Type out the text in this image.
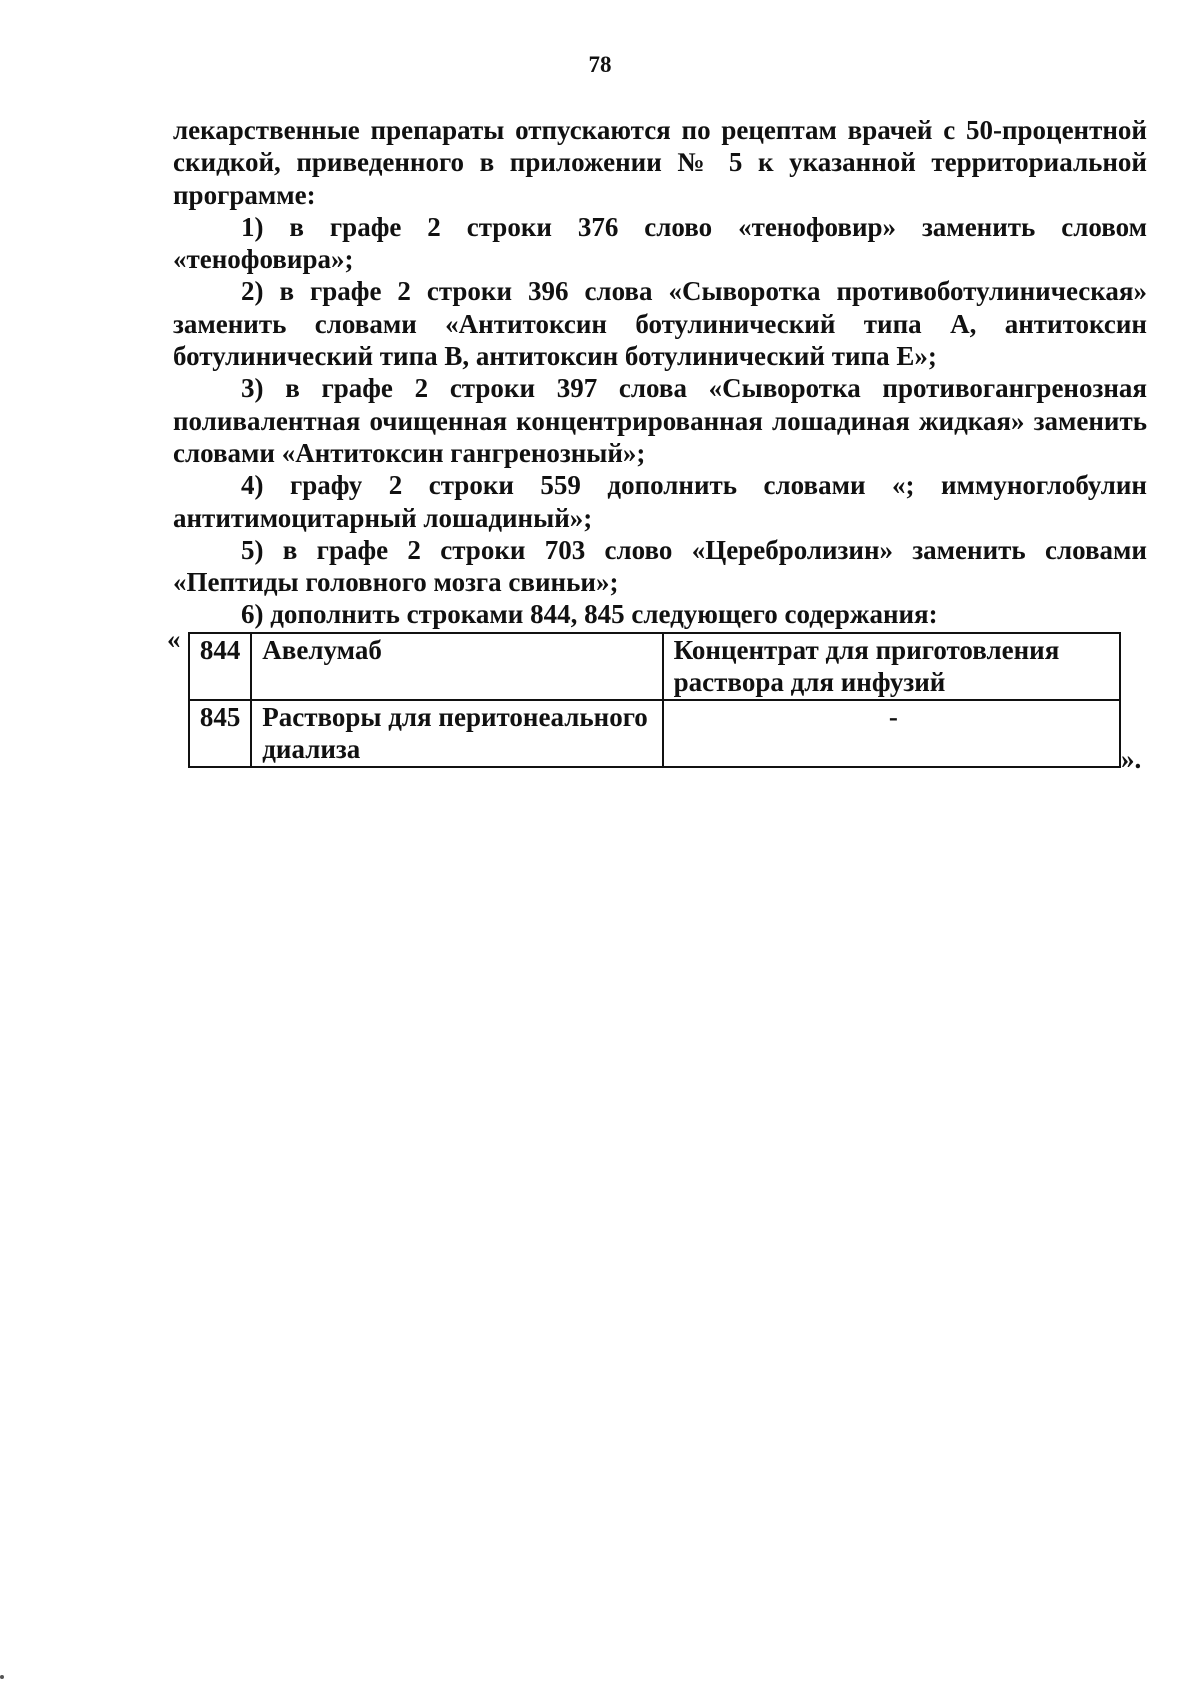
78

лекарственные препараты отпускаются по рецептам врачей с 50-процентной скидкой, приведенного в приложении № 5 к указанной территориальной программе:

1) в графе 2 строки 376 слово «тенофовир» заменить словом «тенофовира»;

2) в графе 2 строки 396 слова «Сыворотка противоботулиническая» заменить словами «Антитоксин ботулинический типа А, антитоксин ботулинический типа В, антитоксин ботулинический типа Е»;

3) в графе 2 строки 397 слова «Сыворотка противогангренозная поливалентная очищенная концентрированная лошадиная жидкая» заменить словами «Антитоксин гангренозный»;

4) графу 2 строки 559 дополнить словами «; иммуноглобулин антитимоцитарный лошадиный»;

5) в графе 2 строки 703 слово «Церебролизин» заменить словами «Пептиды головного мозга свиньи»;

6) дополнить строками 844, 845 следующего содержания:

« 844	Авелумаб	Концентрат для приготовления раствора для инфузий
845	Растворы для перитонеального диализа	-
».
